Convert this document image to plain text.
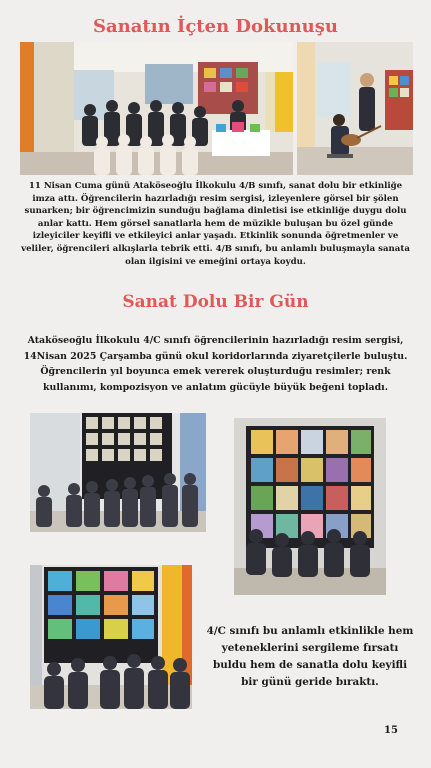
Sanatın İçten Dokunuşu
11 Nisan Cuma günü Ataköseoğlu İlkokulu 4/B sınıfı, sanat dolu bir etkinliğe imza attı. Öğrencilerin hazırladığı resim sergisi, izleyenlere görsel bir şölen sunarken; bir öğrencimizin sunduğu bağlama dinletisi ise etkinliğe duygu dolu anlar kattı. Hem görsel sanatlarla hem de müzikle buluşan bu özel günde izleyiciler keyifli ve etkileyici anlar yaşadı. Etkinlik sonunda öğretmenler ve veliler, öğrencileri alkışlarla tebrik etti. 4/B sınıfı, bu anlamlı buluşmayla sanata olan ilgisini ve emeğini ortaya koydu.
Sanat Dolu Bir Gün
Ataköseoğlu İlkokulu 4/C sınıfı öğrencilerinin hazırladığı resim sergisi, 14Nisan 2025 Çarşamba günü okul koridorlarında ziyaretçilerle buluştu. Öğrencilerin yıl boyunca emek vererek oluşturduğu resimler; renk kullanımı, kompozisyon ve anlatım gücüyle büyük beğeni topladı.
4/C sınıfı bu anlamlı etkinlikle hem yeteneklerini sergileme fırsatı buldu hem de sanatla dolu keyifli bir günü geride bıraktı.
15
